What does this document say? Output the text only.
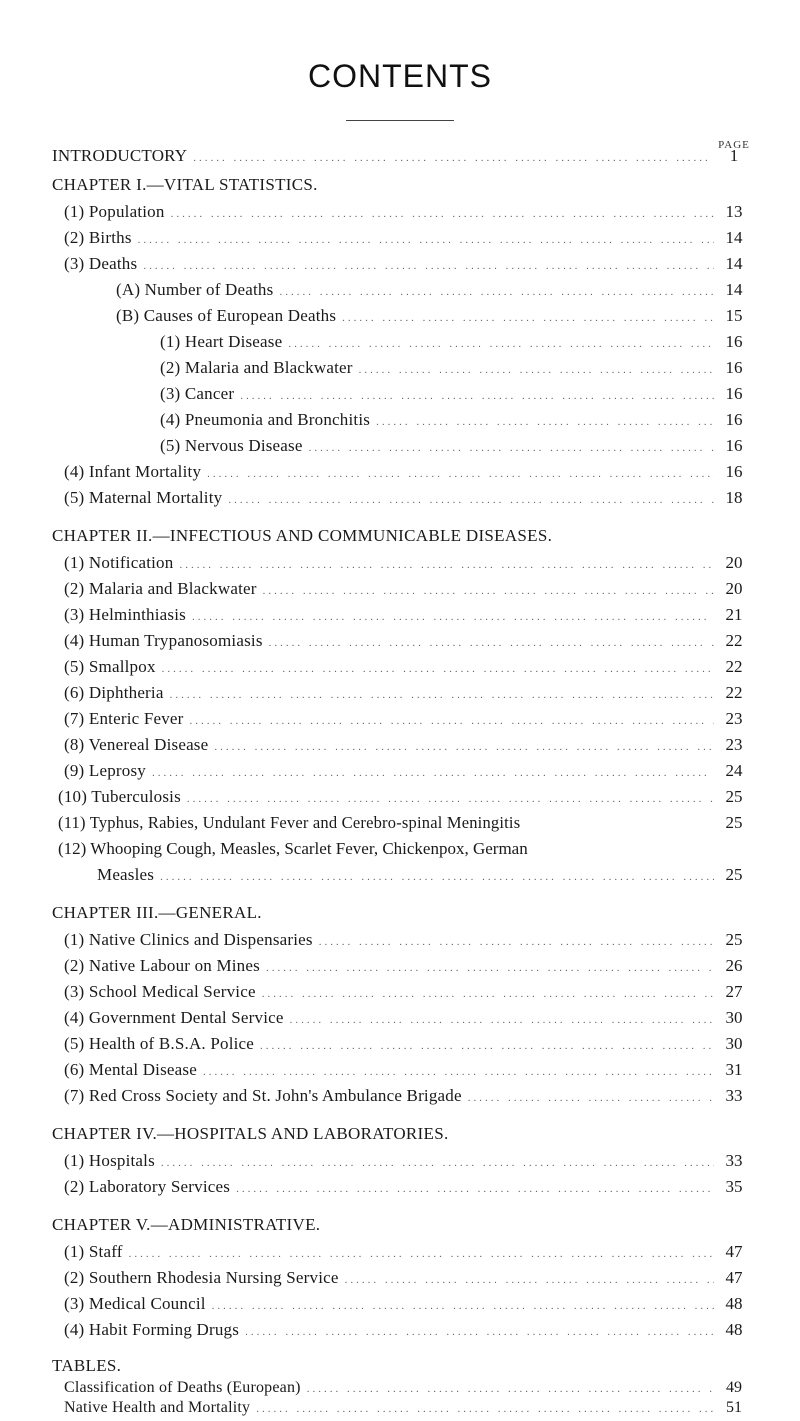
CONTENTS
PAGE
INTRODUCTORY .....	1
CHAPTER I.—VITAL STATISTICS.
(1) Population .....	13
(2) Births .....	14
(3) Deaths .....	14
(A) Number of Deaths .....	14
(B) Causes of European Deaths .....	15
(1) Heart Disease .....	16
(2) Malaria and Blackwater .....	16
(3) Cancer .....	16
(4) Pneumonia and Bronchitis .....	16
(5) Nervous Disease .....	16
(4) Infant Mortality .....	16
(5) Maternal Mortality .....	18
CHAPTER II.—INFECTIOUS AND COMMUNICABLE DISEASES.
(1) Notification .....	20
(2) Malaria and Blackwater .....	20
(3) Helminthiasis .....	21
(4) Human Trypanosomiasis .....	22
(5) Smallpox .....	22
(6) Diphtheria .....	22
(7) Enteric Fever .....	23
(8) Venereal Disease .....	23
(9) Leprosy .....	24
(10) Tuberculosis .....	25
(11) Typhus, Rabies, Undulant Fever and Cerebro-spinal Meningitis	25
(12) Whooping Cough, Measles, Scarlet Fever, Chickenpox, German
Measles .....	25
CHAPTER III.—GENERAL.
(1) Native Clinics and Dispensaries .....	25
(2) Native Labour on Mines .....	26
(3) School Medical Service .....	27
(4) Government Dental Service .....	30
(5) Health of B.S.A. Police .....	30
(6) Mental Disease .....	31
(7) Red Cross Society and St. John's Ambulance Brigade .....	33
CHAPTER IV.—HOSPITALS AND LABORATORIES.
(1) Hospitals .....	33
(2) Laboratory Services .....	35
CHAPTER V.—ADMINISTRATIVE.
(1) Staff .....	47
(2) Southern Rhodesia Nursing Service .....	47
(3) Medical Council .....	48
(4) Habit Forming Drugs .....	48
TABLES.
Classification of Deaths (European) .....	49
Native Health and Mortality .....	51
